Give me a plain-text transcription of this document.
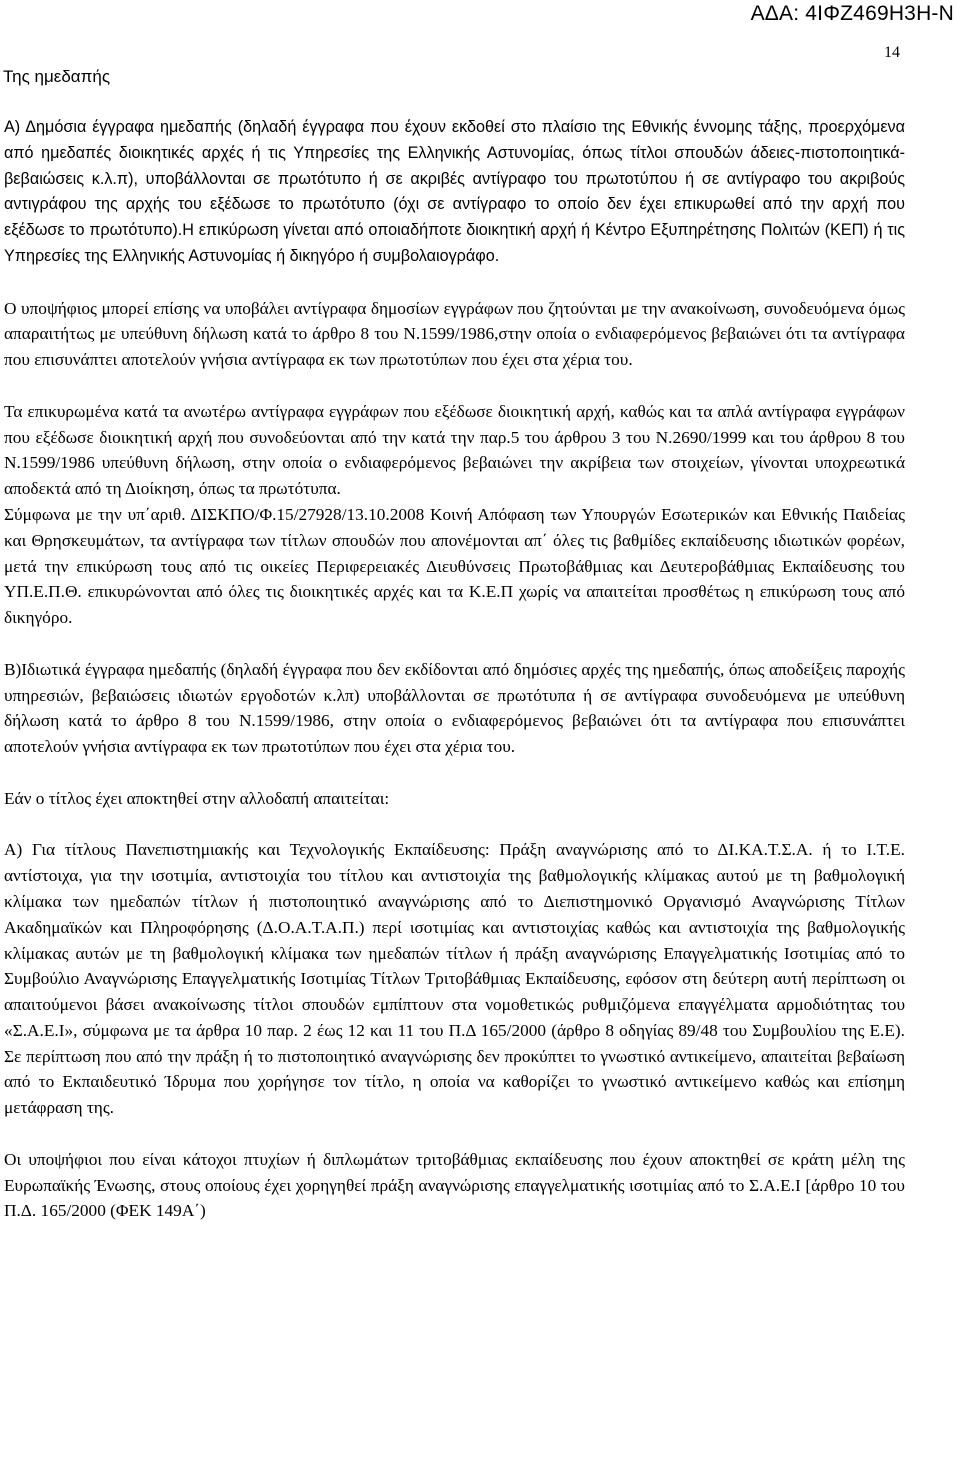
ΑΔΑ: 4ΙΦΖ469Η3Η-Ν
14
Της ημεδαπής

Α) Δημόσια έγγραφα ημεδαπής (δηλαδή έγγραφα που έχουν εκδοθεί στο πλαίσιο της Εθνικής έννομης τάξης, προερχόμενα από ημεδαπές διοικητικές αρχές ή τις Υπηρεσίες της Ελληνικής Αστυνομίας, όπως τίτλοι σπουδών άδειες-πιστοποιητικά-βεβαιώσεις κ.λ.π), υποβάλλονται σε πρωτότυπο ή σε ακριβές αντίγραφο του πρωτοτύπου ή σε αντίγραφο του ακριβούς αντιγράφου της αρχής του εξέδωσε το πρωτότυπο (όχι σε αντίγραφο το οποίο δεν έχει επικυρωθεί από την αρχή που εξέδωσε το πρωτότυπο).Η επικύρωση γίνεται από οποιαδήποτε διοικητική αρχή ή Κέντρο Εξυπηρέτησης Πολιτών (ΚΕΠ) ή τις Υπηρεσίες της Ελληνικής Αστυνομίας ή δικηγόρο ή συμβολαιογράφο.

Ο υποψήφιος μπορεί επίσης να υποβάλει αντίγραφα δημοσίων εγγράφων που ζητούνται με την ανακοίνωση, συνοδευόμενα όμως απαραιτήτως με υπεύθυνη δήλωση κατά το άρθρο 8 του Ν.1599/1986,στην οποία ο ενδιαφερόμενος βεβαιώνει ότι τα αντίγραφα που επισυνάπτει αποτελούν γνήσια αντίγραφα εκ των πρωτοτύπων που έχει στα χέρια του.

Τα επικυρωμένα κατά τα ανωτέρω αντίγραφα εγγράφων που εξέδωσε διοικητική αρχή, καθώς και τα απλά αντίγραφα εγγράφων που εξέδωσε διοικητική αρχή που συνοδεύονται από την κατά την παρ.5 του άρθρου 3 του Ν.2690/1999 και του άρθρου 8 του Ν.1599/1986 υπεύθυνη δήλωση, στην οποία ο ενδιαφερόμενος βεβαιώνει την ακρίβεια των στοιχείων, γίνονται υποχρεωτικά αποδεκτά από τη Διοίκηση, όπως τα πρωτότυπα.

Σύμφωνα με την υπ΄αριθ. ΔΙΣΚΠΟ/Φ.15/27928/13.10.2008 Κοινή Απόφαση των Υπουργών Εσωτερικών και Εθνικής Παιδείας και Θρησκευμάτων, τα αντίγραφα των τίτλων σπουδών που απονέμονται απ΄ όλες τις βαθμίδες εκπαίδευσης ιδιωτικών φορέων, μετά την επικύρωση τους από τις οικείες Περιφερειακές Διευθύνσεις Πρωτοβάθμιας και Δευτεροβάθμιας Εκπαίδευσης του ΥΠ.Ε.Π.Θ. επικυρώνονται από όλες τις διοικητικές αρχές και τα Κ.Ε.Π χωρίς να απαιτείται προσθέτως η επικύρωση τους από δικηγόρο.

Β)Ιδιωτικά έγγραφα ημεδαπής (δηλαδή έγγραφα που δεν εκδίδονται από δημόσιες αρχές της ημεδαπής, όπως αποδείξεις παροχής υπηρεσιών, βεβαιώσεις ιδιωτών εργοδοτών κ.λπ) υποβάλλονται σε πρωτότυπα ή σε αντίγραφα συνοδευόμενα με υπεύθυνη δήλωση κατά το άρθρο 8 του Ν.1599/1986, στην οποία ο ενδιαφερόμενος βεβαιώνει ότι τα αντίγραφα που επισυνάπτει αποτελούν γνήσια αντίγραφα εκ των πρωτοτύπων που έχει στα χέρια του.

Εάν ο τίτλος έχει αποκτηθεί στην αλλοδαπή απαιτείται:

Α) Για τίτλους Πανεπιστημιακής και Τεχνολογικής Εκπαίδευσης: Πράξη αναγνώρισης από το ΔΙ.ΚΑ.Τ.Σ.Α. ή το Ι.Τ.Ε. αντίστοιχα, για την ισοτιμία, αντιστοιχία του τίτλου και αντιστοιχία της βαθμολογικής κλίμακας αυτού με τη βαθμολογική κλίμακα των ημεδαπών τίτλων ή πιστοποιητικό αναγνώρισης από το Διεπιστημονικό Οργανισμό Αναγνώρισης Τίτλων Ακαδημαϊκών και Πληροφόρησης (Δ.Ο.Α.Τ.Α.Π.) περί ισοτιμίας και αντιστοιχίας καθώς και αντιστοιχία της βαθμολογικής κλίμακας αυτών με τη βαθμολογική κλίμακα των ημεδαπών τίτλων ή πράξη αναγνώρισης Επαγγελματικής Ισοτιμίας από το Συμβούλιο Αναγνώρισης Επαγγελματικής Ισοτιμίας Τίτλων Τριτοβάθμιας Εκπαίδευσης, εφόσον στη δεύτερη αυτή περίπτωση οι απαιτούμενοι βάσει ανακοίνωσης τίτλοι σπουδών εμπίπτουν στα νομοθετικώς ρυθμιζόμενα επαγγέλματα αρμοδιότητας του «Σ.Α.Ε.Ι», σύμφωνα με τα άρθρα 10 παρ. 2 έως 12 και 11 του Π.Δ 165/2000 (άρθρο 8 οδηγίας 89/48 του Συμβουλίου της Ε.Ε). Σε περίπτωση που από την πράξη ή το πιστοποιητικό αναγνώρισης δεν προκύπτει το γνωστικό αντικείμενο, απαιτείται βεβαίωση από το Εκπαιδευτικό Ίδρυμα που χορήγησε τον τίτλο, η οποία να καθορίζει το γνωστικό αντικείμενο καθώς και επίσημη μετάφραση της.

Οι υποψήφιοι που είναι κάτοχοι πτυχίων ή διπλωμάτων τριτοβάθμιας εκπαίδευσης που έχουν αποκτηθεί σε κράτη μέλη της Ευρωπαϊκής Ένωσης, στους οποίους έχει χορηγηθεί πράξη αναγνώρισης επαγγελματικής ισοτιμίας από το Σ.Α.Ε.Ι [άρθρο 10 του Π.Δ. 165/2000 (ΦΕΚ 149Α΄)
